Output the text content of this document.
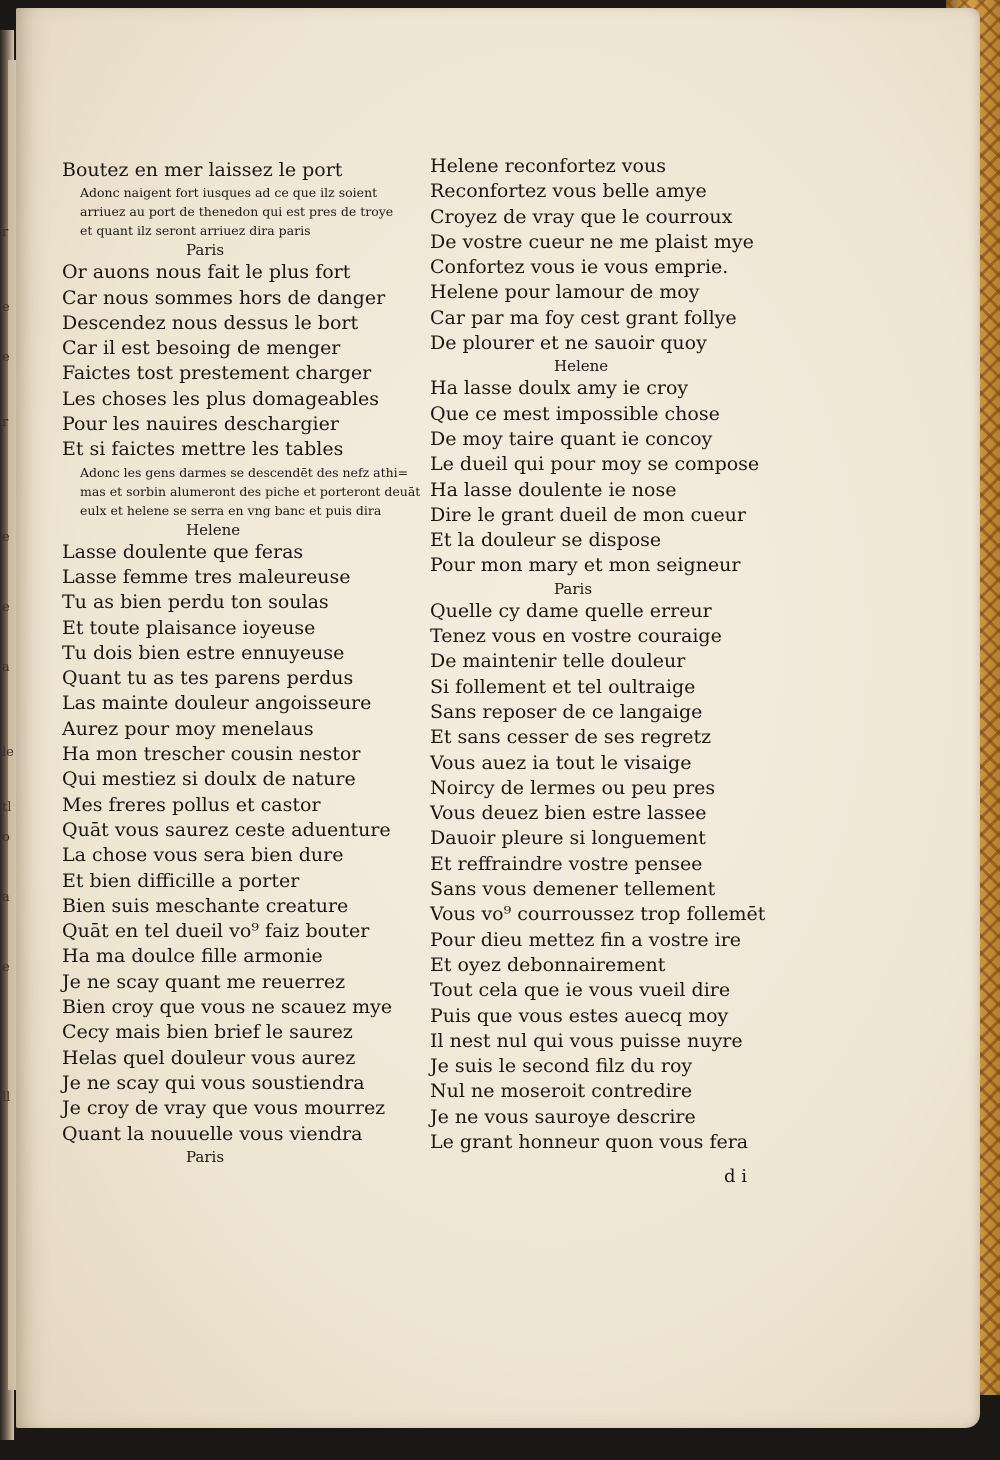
r
e
e
r
e
e
a
le
tl
o
a
e
ll
Boutez en mer laissez le port
Adonc naigent fort iusques ad ce que ilz soient
arriuez au port de thenedon qui est pres de troye
et quant ilz seront arriuez dira paris
Paris
Or auons nous fait le plus fort
Car nous sommes hors de danger
Descendez nous dessus le bort
Car il est besoing de menger
Faictes tost prestement charger
Les choses les plus domageables
Pour les nauires deschargier
Et si faictes mettre les tables
Adonc les gens darmes se descendēt des nefz athi=
mas et sorbin alumeront des piche et porteront deuāt
eulx et helene se serra en vng banc et puis dira
Helene
Lasse doulente que feras
Lasse femme tres maleureuse
Tu as bien perdu ton soulas
Et toute plaisance ioyeuse
Tu dois bien estre ennuyeuse
Quant tu as tes parens perdus
Las mainte douleur angoisseure
Aurez pour moy menelaus
Ha mon trescher cousin nestor
Qui mestiez si doulx de nature
Mes freres pollus et castor
Quāt vous saurez ceste aduenture
La chose vous sera bien dure
Et bien difficille a porter
Bien suis meschante creature
Quāt en tel dueil vo⁹ faiz bouter
Ha ma doulce fille armonie
Je ne scay quant me reuerrez
Bien croy que vous ne scauez mye
Cecy mais bien brief le saurez
Helas quel douleur vous aurez
Je ne scay qui vous soustiendra
Je croy de vray que vous mourrez
Quant la nouuelle vous viendra
Paris
Helene reconfortez vous
Reconfortez vous belle amye
Croyez de vray que le courroux
De vostre cueur ne me plaist mye
Confortez vous ie vous emprie.
Helene pour lamour de moy
Car par ma foy cest grant follye
De plourer et ne sauoir quoy
Helene
Ha lasse doulx amy ie croy
Que ce mest impossible chose
De moy taire quant ie concoy
Le dueil qui pour moy se compose
Ha lasse doulente ie nose
Dire le grant dueil de mon cueur
Et la douleur se dispose
Pour mon mary et mon seigneur
Paris
Quelle cy dame quelle erreur
Tenez vous en vostre couraige
De maintenir telle douleur
Si follement et tel oultraige
Sans reposer de ce langaige
Et sans cesser de ses regretz
Vous auez ia tout le visaige
Noircy de lermes ou peu pres
Vous deuez bien estre lassee
Dauoir pleure si longuement
Et reffraindre vostre pensee
Sans vous demener tellement
Vous vo⁹ courroussez trop follemēt
Pour dieu mettez fin a vostre ire
Et oyez debonnairement
Tout cela que ie vous vueil dire
Puis que vous estes auecq moy
Il nest nul qui vous puisse nuyre
Je suis le second filz du roy
Nul ne moseroit contredire
Je ne vous sauroye descrire
Le grant honneur quon vous fera
d i
